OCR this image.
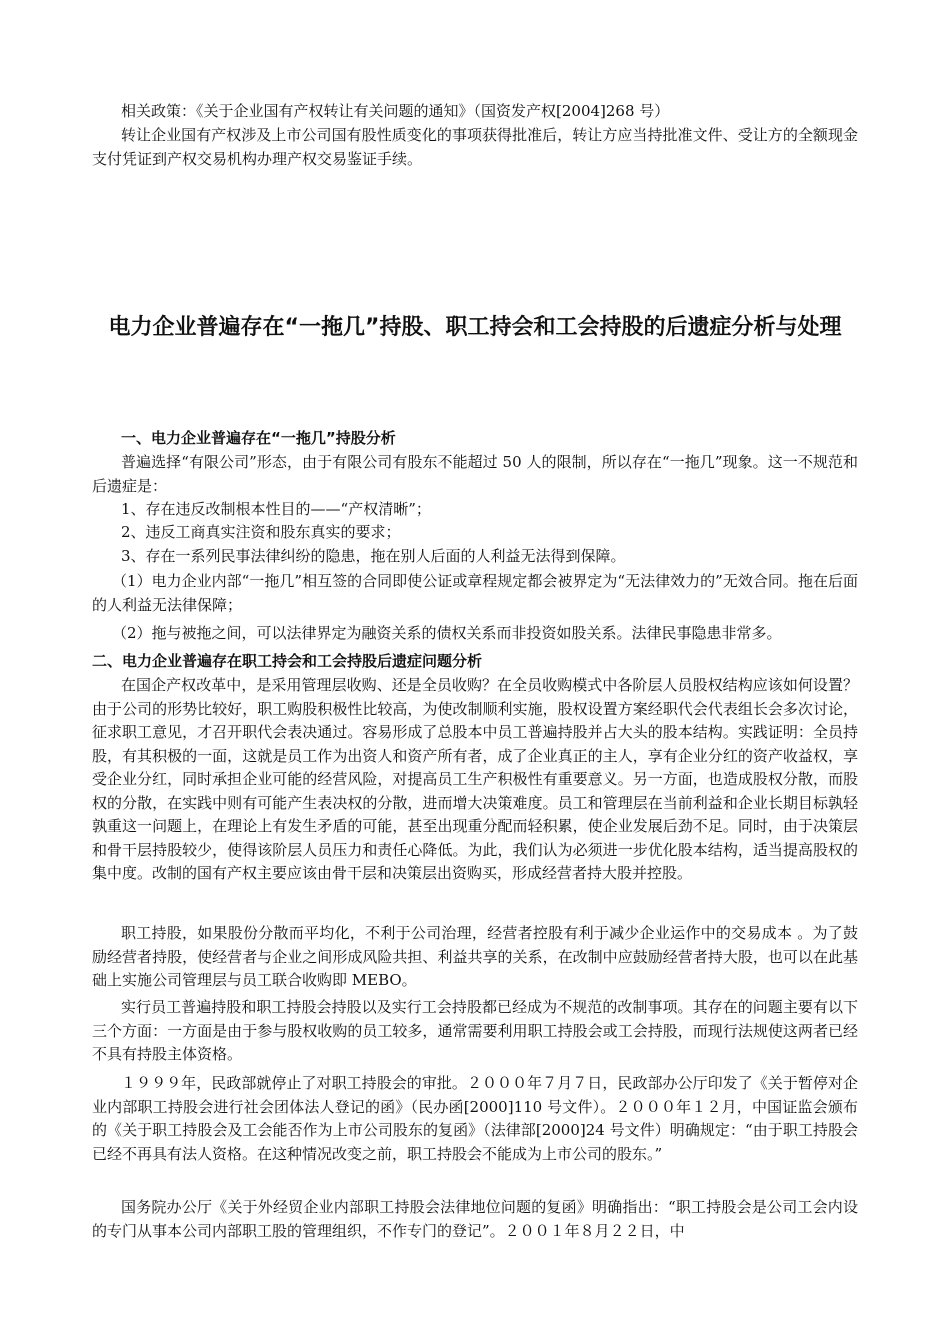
相关政策：《关于企业国有产权转让有关问题的通知》（国资发产权[2004]268 号）

转让企业国有产权涉及上市公司国有股性质变化的事项获得批准后，转让方应当持批准文件、受让方的全额现金支付凭证到产权交易机构办理产权交易鉴证手续。

电力企业普遍存在“一拖几”持股、职工持会和工会持股的后遗症分析与处理

一、电力企业普遍存在“一拖几”持股分析

普遍选择“有限公司”形态，由于有限公司有股东不能超过 50 人的限制，所以存在“一拖几”现象。这一不规范和后遗症是：

1、存在违反改制根本性目的——“产权清晰”；

2、违反工商真实注资和股东真实的要求；

3、存在一系列民事法律纠纷的隐患，拖在别人后面的人利益无法得到保障。

（1）电力企业内部“一拖几”相互签的合同即使公证或章程规定都会被界定为“无法律效力的”无效合同。拖在后面的人利益无法律保障；

（2）拖与被拖之间，可以法律界定为融资关系的债权关系而非投资如股关系。法律民事隐患非常多。

二、电力企业普遍存在职工持会和工会持股后遗症问题分析

在国企产权改革中，是采用管理层收购、还是全员收购？在全员收购模式中各阶层人员股权结构应该如何设置？由于公司的形势比较好，职工购股积极性比较高，为使改制顺利实施，股权设置方案经职代会代表组长会多次讨论，征求职工意见，才召开职代会表决通过。容易形成了总股本中员工普遍持股并占大头的股本结构。实践证明：全员持股，有其积极的一面，这就是员工作为出资人和资产所有者，成了企业真正的主人，享有企业分红的资产收益权，享受企业分红，同时承担企业可能的经营风险，对提高员工生产积极性有重要意义。另一方面，也造成股权分散，而股权的分散，在实践中则有可能产生表决权的分散，进而增大决策难度。员工和管理层在当前利益和企业长期目标孰轻孰重这一问题上，在理论上有发生矛盾的可能，甚至出现重分配而轻积累，使企业发展后劲不足。同时，由于决策层和骨干层持股较少，使得该阶层人员压力和责任心降低。为此，我们认为必须进一步优化股本结构，适当提高股权的集中度。改制的国有产权主要应该由骨干层和决策层出资购买，形成经营者持大股并控股。

职工持股，如果股份分散而平均化，不利于公司治理，经营者控股有利于减少企业运作中的交易成本 。为了鼓励经营者持股，使经营者与企业之间形成风险共担、利益共享的关系，在改制中应鼓励经营者持大股，也可以在此基础上实施公司管理层与员工联合收购即 MEBO。

实行员工普遍持股和职工持股会持股以及实行工会持股都已经成为不规范的改制事项。其存在的问题主要有以下三个方面：一方面是由于参与股权收购的员工较多，通常需要利用职工持股会或工会持股，而现行法规使这两者已经不具有持股主体资格。

１９９９年，民政部就停止了对职工持股会的审批。２０００年７月７日，民政部办公厅印发了《关于暂停对企业内部职工持股会进行社会团体法人登记的函》（民办函[2000]110 号文件）。２０００年１２月，中国证监会颁布的《关于职工持股会及工会能否作为上市公司股东的复函》（法律部[2000]24 号文件）明确规定：“由于职工持股会已经不再具有法人资格。在这种情况改变之前，职工持股会不能成为上市公司的股东。”

国务院办公厅《关于外经贸企业内部职工持股会法律地位问题的复函》明确指出：“职工持股会是公司工会内设的专门从事本公司内部职工股的管理组织，不作专门的登记”。２００１年８月２２日，中
